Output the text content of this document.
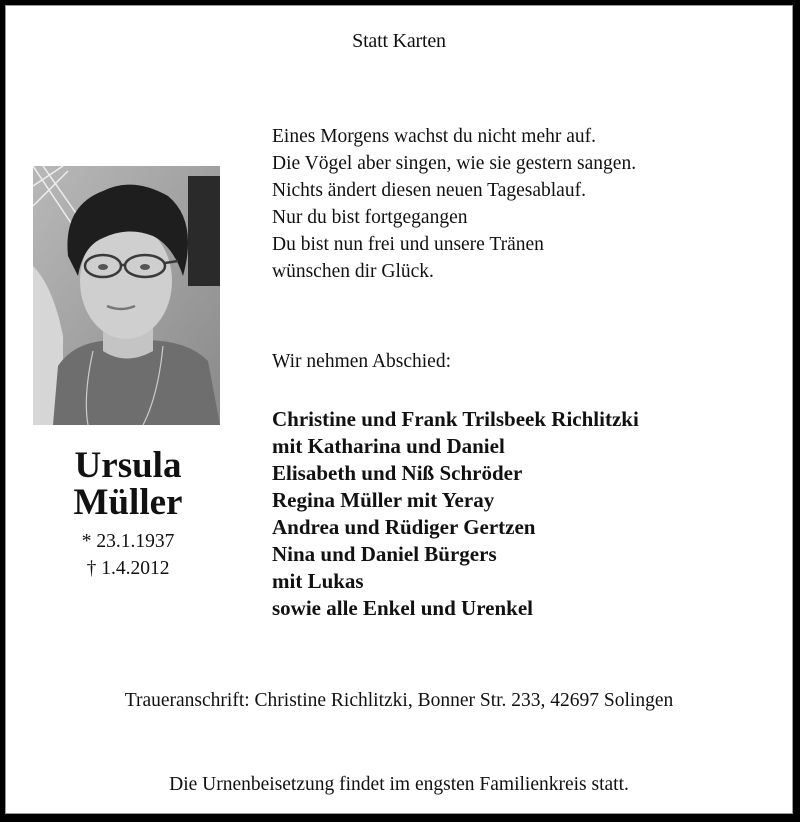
Statt Karten
Eines Morgens wachst du nicht mehr auf.
Die Vögel aber singen, wie sie gestern sangen.
Nichts ändert diesen neuen Tagesablauf.
Nur du bist fortgegangen
Du bist nun frei und unsere Tränen
wünschen dir Glück.
Ursula
Müller
* 23.1.1937
† 1.4.2012
Wir nehmen Abschied:
Christine und Frank Trilsbeek Richlitzki
mit Katharina und Daniel
Elisabeth und Niß Schröder
Regina Müller mit Yeray
Andrea und Rüdiger Gertzen
Nina und Daniel Bürgers
mit Lukas
sowie alle Enkel und Urenkel
Traueranschrift: Christine Richlitzki, Bonner Str. 233, 42697 Solingen
Die Urnenbeisetzung findet im engsten Familienkreis statt.
